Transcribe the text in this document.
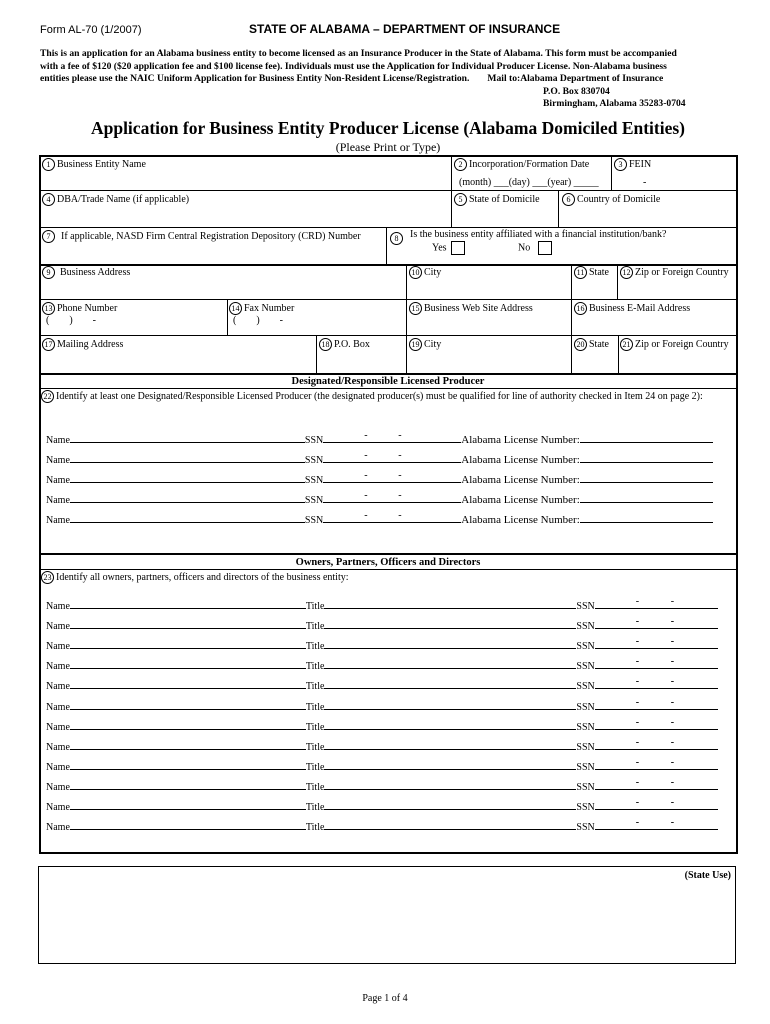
Form AL-70 (1/2007)	STATE OF ALABAMA – DEPARTMENT OF INSURANCE
This is an application for an Alabama business entity to become licensed as an Insurance Producer in the State of Alabama. This form must be accompanied
with a fee of $120 ($20 application fee and $100 license fee). Individuals must use the Application for Individual Producer License. Non-Alabama business
entities please use the NAIC Uniform Application for Business Entity Non-Resident License/Registration. Mail to:Alabama Department of Insurance
P.O. Box 830704
Birmingham, Alabama 35283-0704
Application for Business Entity Producer License (Alabama Domiciled Entities)
(Please Print or Type)
1 Business Entity Name	2 Incorporation/Formation Date
(month) ___(day) ___(year) _____
3 FEIN
-
4 DBA/Trade Name (if applicable)	5 State of Domicile	6 Country of Domicile
7 If applicable, NASD Firm Central Registration Depository (CRD) Number	8	Is the business entity affiliated with a financial institution/bank?
Yes	No
9 Business Address	10 City	11 State	12 Zip or Foreign Country
13 Phone Number
(        )        -
14 Fax Number
(        )        -
15 Business Web Site Address	16 Business E-Mail Address
17 Mailing Address	18 P.O. Box	19 City	20 State	21 Zip or Foreign Country
Designated/Responsible Licensed Producer
22 Identify at least one Designated/Responsible Licensed Producer (the designated producer(s) must be qualified for line of authority checked in Item 24 on page 2):
Name	SSN	-	-	Alabama License Number:
Name	SSN	-	-	Alabama License Number:
Name	SSN	-	-	Alabama License Number:
Name	SSN	-	-	Alabama License Number:
Name	SSN	-	-	Alabama License Number:
Owners, Partners, Officers and Directors
23 Identify all owners, partners, officers and directors of the business entity:
Name	Title	SSN	-	-
Name	Title	SSN	-	-
Name	Title	SSN	-	-
Name	Title	SSN	-	-
Name	Title	SSN	-	-
Name	Title	SSN	-	-
Name	Title	SSN	-	-
Name	Title	SSN	-	-
Name	Title	SSN	-	-
Name	Title	SSN	-	-
Name	Title	SSN	-	-
Name	Title	SSN	-	-
(State Use)
Page 1 of 4
